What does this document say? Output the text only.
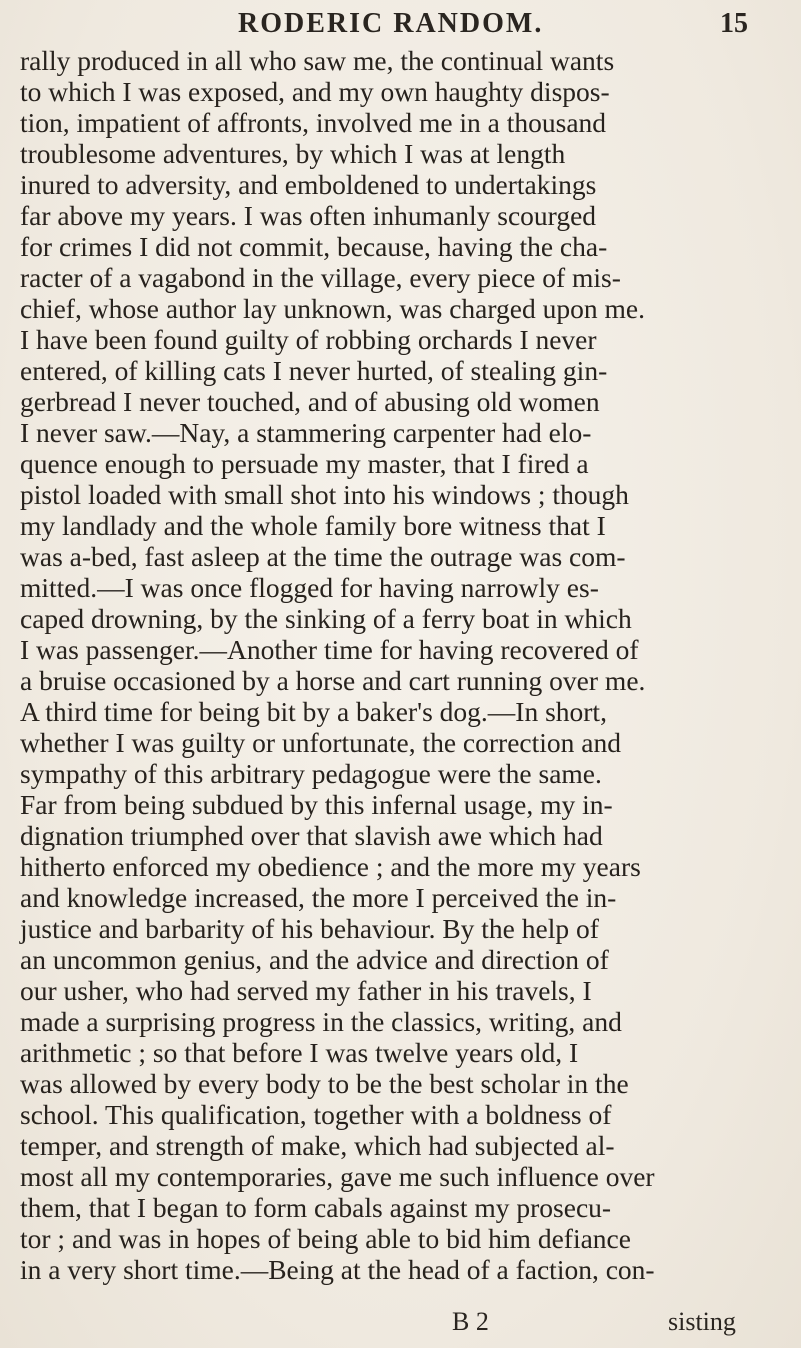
RODERIC RANDOM.	15
rally produced in all who saw me, the continual wants
to which I was exposed, and my own haughty dispos-
tion, impatient of affronts, involved me in a thousand
troublesome adventures, by which I was at length
inured to adversity, and emboldened to undertakings
far above my years. I was often inhumanly scourged
for crimes I did not commit, because, having the cha-
racter of a vagabond in the village, every piece of mis-
chief, whose author lay unknown, was charged upon me.
I have been found guilty of robbing orchards I never
entered, of killing cats I never hurted, of stealing gin-
gerbread I never touched, and of abusing old women
I never saw.—Nay, a stammering carpenter had elo-
quence enough to persuade my master, that I fired a
pistol loaded with small shot into his windows ; though
my landlady and the whole family bore witness that I
was a-bed, fast asleep at the time the outrage was com-
mitted.—I was once flogged for having narrowly es-
caped drowning, by the sinking of a ferry boat in which
I was passenger.—Another time for having recovered of
a bruise occasioned by a horse and cart running over me.
A third time for being bit by a baker's dog.—In short,
whether I was guilty or unfortunate, the correction and
sympathy of this arbitrary pedagogue were the same.
Far from being subdued by this infernal usage, my in-
dignation triumphed over that slavish awe which had
hitherto enforced my obedience ; and the more my years
and knowledge increased, the more I perceived the in-
justice and barbarity of his behaviour. By the help of
an uncommon genius, and the advice and direction of
our usher, who had served my father in his travels, I
made a surprising progress in the classics, writing, and
arithmetic ; so that before I was twelve years old, I
was allowed by every body to be the best scholar in the
school. This qualification, together with a boldness of
temper, and strength of make, which had subjected al-
most all my contemporaries, gave me such influence over
them, that I began to form cabals against my prosecu-
tor ; and was in hopes of being able to bid him defiance
in a very short time.—Being at the head of a faction, con-
B 2	sisting
